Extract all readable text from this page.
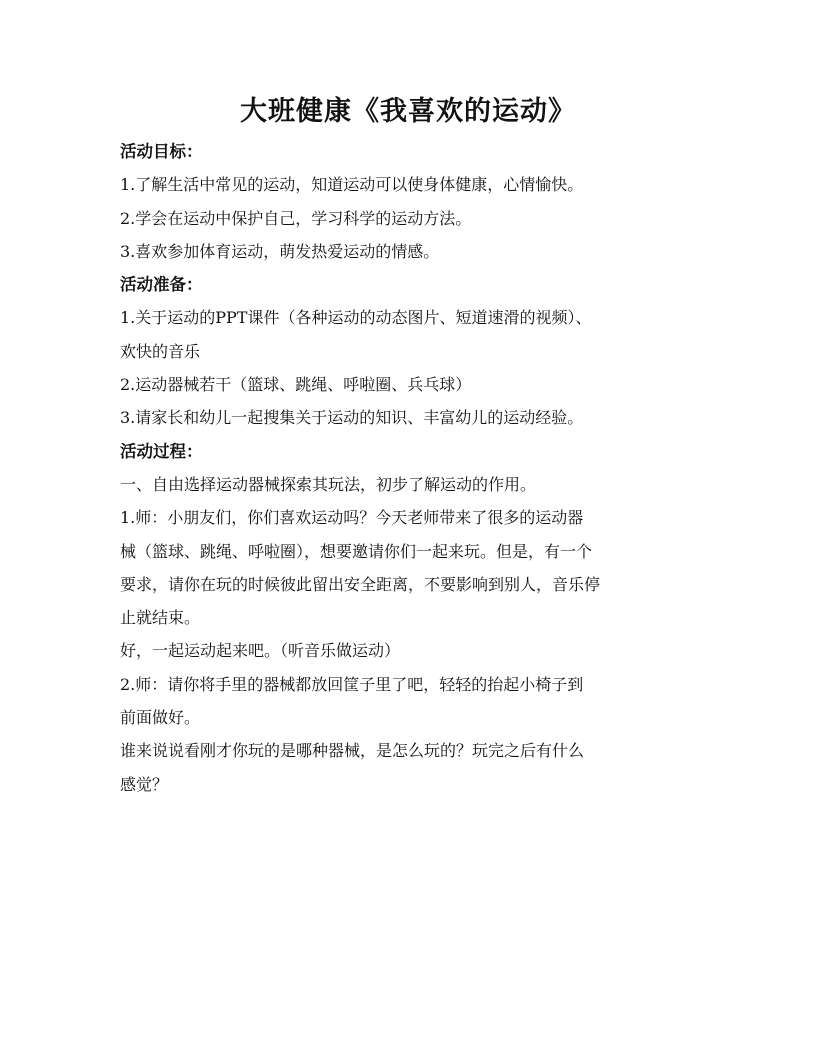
大班健康《我喜欢的运动》

活动目标：

1.了解生活中常见的运动，知道运动可以使身体健康，心情愉快。

2.学会在运动中保护自己，学习科学的运动方法。

3.喜欢参加体育运动，萌发热爱运动的情感。

活动准备：

1.关于运动的PPT课件（各种运动的动态图片、短道速滑的视频）、

欢快的音乐

2.运动器械若干（篮球、跳绳、呼啦圈、兵乓球）

3.请家长和幼儿一起搜集关于运动的知识、丰富幼儿的运动经验。

活动过程：

一、自由选择运动器械探索其玩法，初步了解运动的作用。

1.师：小朋友们，你们喜欢运动吗？今天老师带来了很多的运动器

械（篮球、跳绳、呼啦圈），想要邀请你们一起来玩。但是，有一个

要求，请你在玩的时候彼此留出安全距离，不要影响到别人，音乐停

止就结束。

好，一起运动起来吧。（听音乐做运动）

2.师：请你将手里的器械都放回筐子里了吧，轻轻的抬起小椅子到

前面做好。

谁来说说看刚才你玩的是哪种器械，是怎么玩的？玩完之后有什么

感觉？
